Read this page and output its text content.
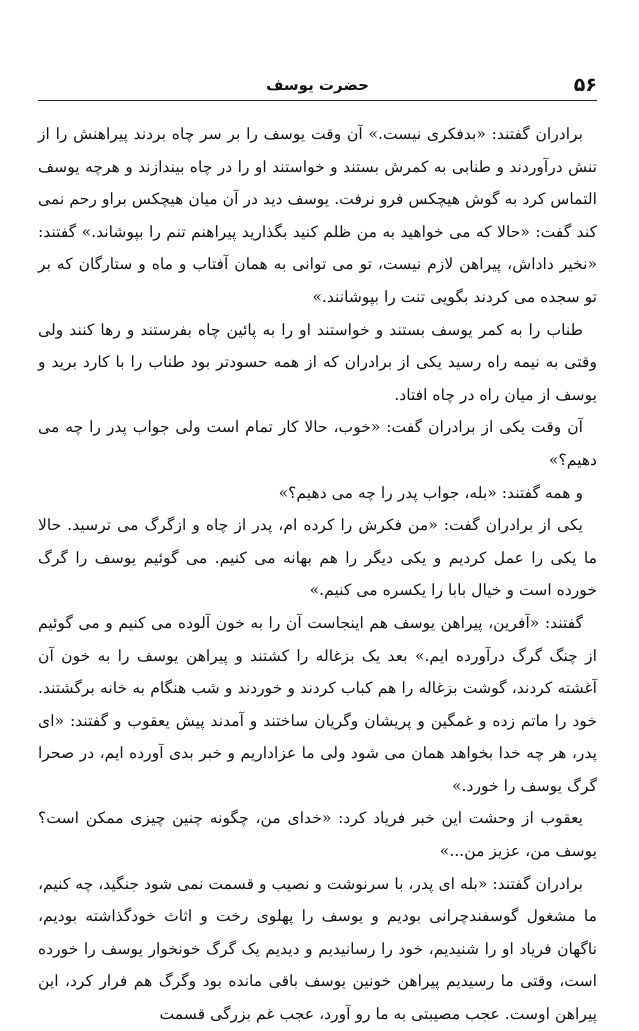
۵۶
حضرت یوسف

برادران گفتند: «بدفکری نیست.» آن وقت یوسف را بر سر چاه بردند پیراهنش را از تنش درآوردند و طنابی به کمرش بستند و خواستند او را در چاه بیندازند و هرچه یوسف التماس کرد به گوش هیچکس فرو نرفت. یوسف دید در آن میان هیچکس براو رحم نمی کند گفت: «حالا که می خواهید به من ظلم کنید بگذارید پیراهنم تنم را بپوشاند.» گفتند: «نخیر داداش، پیراهن لازم نیست، تو می توانی به همان آفتاب و ماه و ستارگان که بر تو سجده می کردند بگویی تنت را بپوشانند.»

طناب را به کمر یوسف بستند و خواستند او را به پائین چاه بفرستند و رها کنند ولی وقتی به نیمه راه رسید یکی از برادران که از همه حسودتر بود طناب را با کارد برید و یوسف از میان راه در چاه افتاد.

آن وقت یکی از برادران گفت: «خوب، حالا کار تمام است ولی جواب پدر را چه می دهیم؟»

و همه گفتند: «بله، جواب پدر را چه می دهیم؟»

یکی از برادران گفت: «من فکرش را کرده ام، پدر از چاه و ازگرگ می ترسید. حالا ما یکی را عمل کردیم و یکی دیگر را هم بهانه می کنیم. می گوئیم یوسف را گرگ خورده است و خیال بابا را یکسره می کنیم.»

گفتند: «آفرین، پیراهن یوسف هم اینجاست آن را به خون آلوده می کنیم و می گوئیم از چنگ گرگ درآورده ایم.» بعد یک بزغاله را کشتند و پیراهن یوسف را به خون آن آغشته کردند، گوشت بزغاله را هم کباب کردند و خوردند و شب هنگام به خانه برگشتند. خود را ماتم زده و غمگین و پریشان وگریان ساختند و آمدند پیش یعقوب و گفتند: «ای پدر، هر چه خدا بخواهد همان می شود ولی ما عزاداریم و خبر بدی آورده ایم، در صحرا گرگ یوسف را خورد.»

یعقوب از وحشت این خبر فریاد کرد: «خدای من، چگونه چنین چیزی ممکن است؟ یوسف من، عزیز من...»

برادران گفتند: «بله ای پدر، با سرنوشت و نصیب و قسمت نمی شود جنگید، چه کنیم، ما مشغول گوسفندچرانی بودیم و یوسف را پهلوی رخت و اثاث خودگذاشته بودیم، ناگهان فریاد او را شنیدیم، خود را رسانیدیم و دیدیم یک گرگ خونخوار یوسف را خورده است، وقتی ما رسیدیم پیراهن خونین یوسف باقی مانده بود وگرگ هم فرار کرد، این پیراهن اوست. عجب مصیبتی به ما رو آورد، عجب غم بزرگی قسمت
